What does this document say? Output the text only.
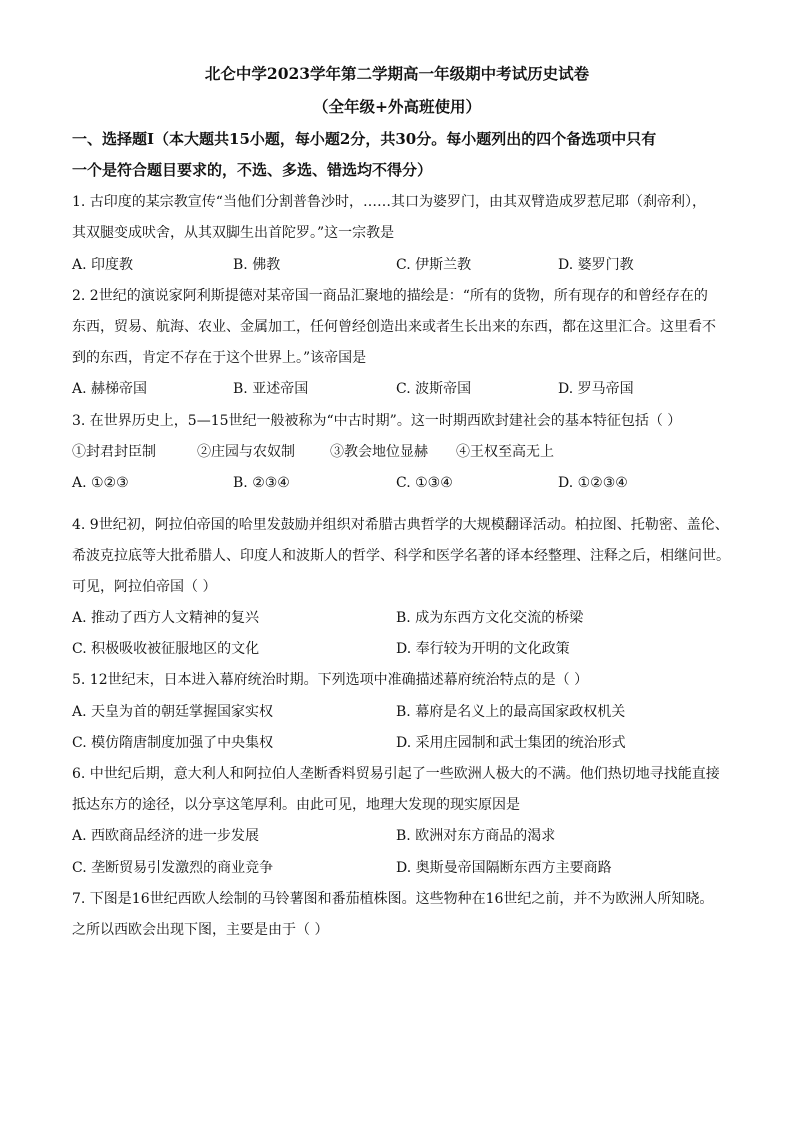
北仑中学2023学年第二学期高一年级期中考试历史试卷
（全年级+外高班使用）
一、选择题Ⅰ（本大题共15小题，每小题2分，共30分。每小题列出的四个备选项中只有
一个是符合题目要求的，不选、多选、错选均不得分）
1. 古印度的某宗教宣传“当他们分割普鲁沙时，……其口为婆罗门，由其双臂造成罗惹尼耶（刹帝利），
其双腿变成吠舍，从其双脚生出首陀罗。”这一宗教是
A. 印度教	B. 佛教	C. 伊斯兰教	D. 婆罗门教
2. 2世纪的演说家阿利斯提德对某帝国一商品汇聚地的描绘是：“所有的货物，所有现存的和曾经存在的
东西，贸易、航海、农业、金属加工，任何曾经创造出来或者生长出来的东西，都在这里汇合。这里看不
到的东西，肯定不存在于这个世界上。”该帝国是
A. 赫梯帝国	B. 亚述帝国	C. 波斯帝国	D. 罗马帝国
3. 在世界历史上，5—15世纪一般被称为“中古时期”。这一时期西欧封建社会的基本特征包括（ ）
①封君封臣制	②庄园与农奴制	③教会地位显赫 ④王权至高无上
A. ①②③	B. ②③④	C. ①③④	D. ①②③④
4. 9世纪初，阿拉伯帝国的哈里发鼓励并组织对希腊古典哲学的大规模翻译活动。柏拉图、托勒密、盖伦、
希波克拉底等大批希腊人、印度人和波斯人的哲学、科学和医学名著的译本经整理、注释之后，相继问世。
可见，阿拉伯帝国（ ）
A. 推动了西方人文精神的复兴	B. 成为东西方文化交流的桥梁
C. 积极吸收被征服地区的文化	D. 奉行较为开明的文化政策
5. 12世纪末，日本进入幕府统治时期。下列选项中准确描述幕府统治特点的是（ ）
A. 天皇为首的朝廷掌握国家实权	B. 幕府是名义上的最高国家政权机关
C. 模仿隋唐制度加强了中央集权	D. 采用庄园制和武士集团的统治形式
6. 中世纪后期，意大利人和阿拉伯人垄断香料贸易引起了一些欧洲人极大的不满。他们热切地寻找能直接
抵达东方的途径，以分享这笔厚利。由此可见，地理大发现的现实原因是
A. 西欧商品经济的进一步发展	B. 欧洲对东方商品的渴求
C. 垄断贸易引发激烈的商业竞争	D. 奥斯曼帝国隔断东西方主要商路
7. 下图是16世纪西欧人绘制的马铃薯图和番茄植株图。这些物种在16世纪之前，并不为欧洲人所知晓。
之所以西欧会出现下图，主要是由于（ ）
